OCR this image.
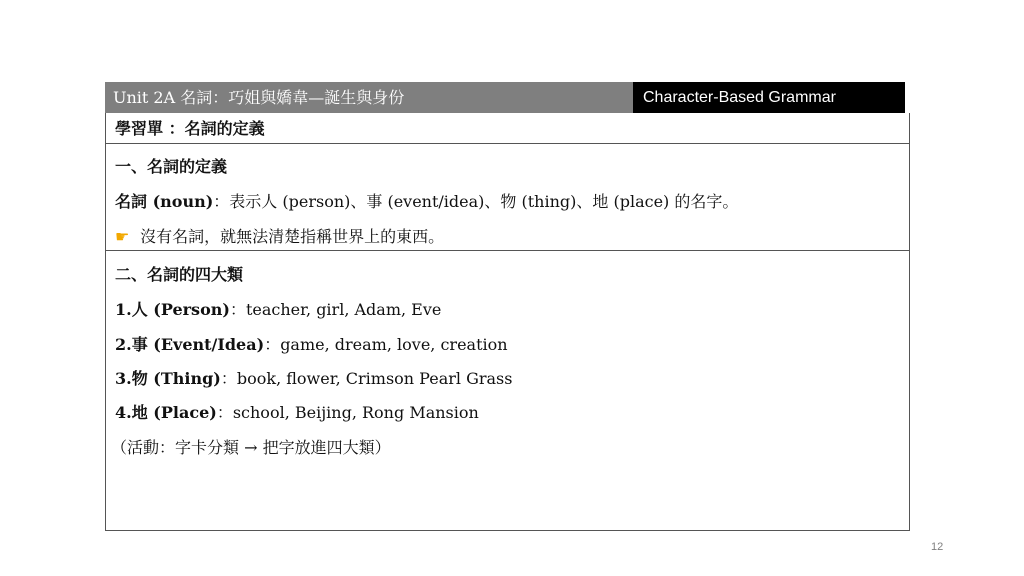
Unit 2A 名詞：巧姐與嬌韋—誕生與身份	Character-Based Grammar
學習單 ：名詞的定義
一、名詞的定義
名詞 (noun)：表示人 (person)、事 (event/idea)、物 (thing)、地 (place) 的名字。
☛ 沒有名詞，就無法清楚指稱世界上的東西。
二、名詞的四大類
1.人 (Person)：teacher, girl, Adam, Eve
2.事 (Event/Idea)：game, dream, love, creation
3.物 (Thing)：book, flower, Crimson Pearl Grass
4.地 (Place)：school, Beijing, Rong Mansion
（活動：字卡分類 → 把字放進四大類）
12
